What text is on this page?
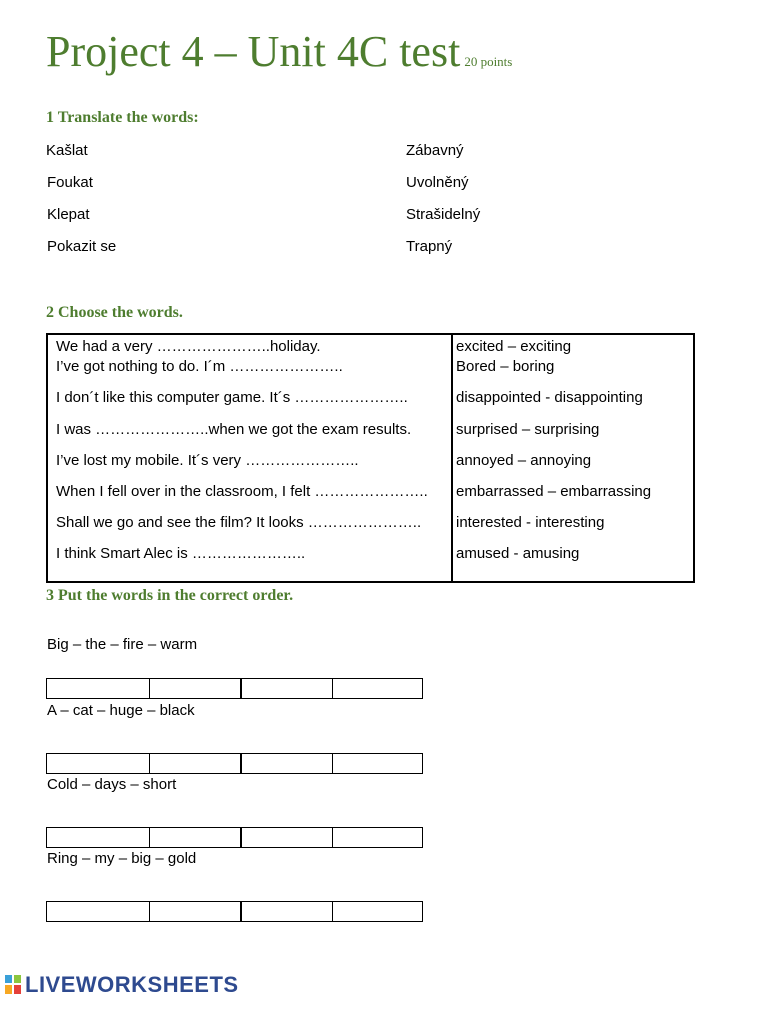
Project 4 – Unit 4C test 20 points
1 Translate the words:
Kašlat
Foukat
Klepat
Pokazit se
Zábavný
Uvolněný
Strašidelný
Trapný
2 Choose the words.
We had a very …………………..holiday.
I’ve got nothing to do. I´m …………………..
I don´t like this computer game. It´s …………………..
I was …………………..when we got the exam results.
I’ve lost my mobile. It´s very …………………..
When I fell over in the classroom, I felt …………………..
Shall we go and see the film? It looks …………………..
I think Smart Alec is …………………..
excited – exciting
Bored – boring
disappointed - disappointing
surprised – surprising
annoyed – annoying
embarrassed – embarrassing
interested - interesting
amused - amusing
3 Put the words in the correct order.
Big – the – fire – warm
A – cat – huge – black
Cold – days – short
Ring – my – big – gold
LIVEWORKSHEETS
